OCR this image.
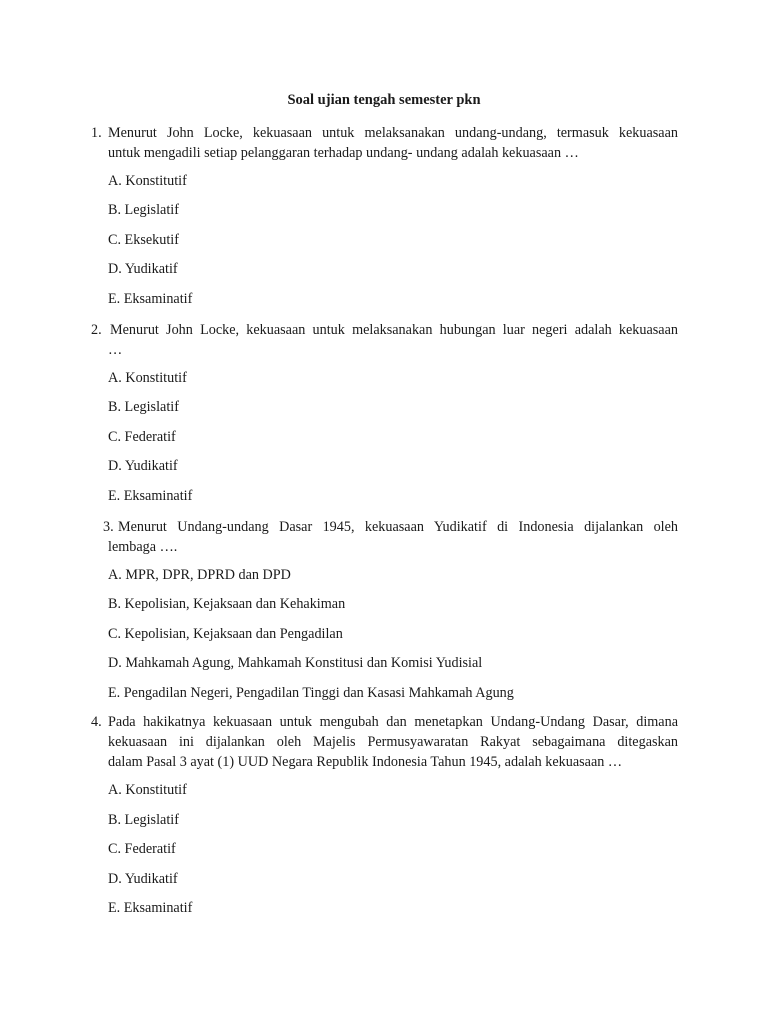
Soal ujian tengah semester pkn
1. Menurut John Locke, kekuasaan untuk melaksanakan undang-undang, termasuk kekuasaan
untuk mengadili setiap pelanggaran terhadap undang- undang adalah kekuasaan …
A. Konstitutif
B. Legislatif
C. Eksekutif
D. Yudikatif
E. Eksaminatif
2. Menurut John Locke, kekuasaan untuk melaksanakan hubungan luar negeri adalah kekuasaan
…
A. Konstitutif
B. Legislatif
C. Federatif
D. Yudikatif
E. Eksaminatif
3. Menurut Undang-undang Dasar 1945, kekuasaan Yudikatif di Indonesia dijalankan oleh
lembaga ….
A. MPR, DPR, DPRD dan DPD
B. Kepolisian, Kejaksaan dan Kehakiman
C. Kepolisian, Kejaksaan dan Pengadilan
D. Mahkamah Agung, Mahkamah Konstitusi dan Komisi Yudisial
E. Pengadilan Negeri, Pengadilan Tinggi dan Kasasi Mahkamah Agung
4. Pada hakikatnya kekuasaan untuk mengubah dan menetapkan Undang-Undang Dasar, dimana
kekuasaan ini dijalankan oleh Majelis Permusyawaratan Rakyat sebagaimana ditegaskan
dalam Pasal 3 ayat (1) UUD Negara Republik Indonesia Tahun 1945, adalah kekuasaan …
A. Konstitutif
B. Legislatif
C. Federatif
D. Yudikatif
E. Eksaminatif
